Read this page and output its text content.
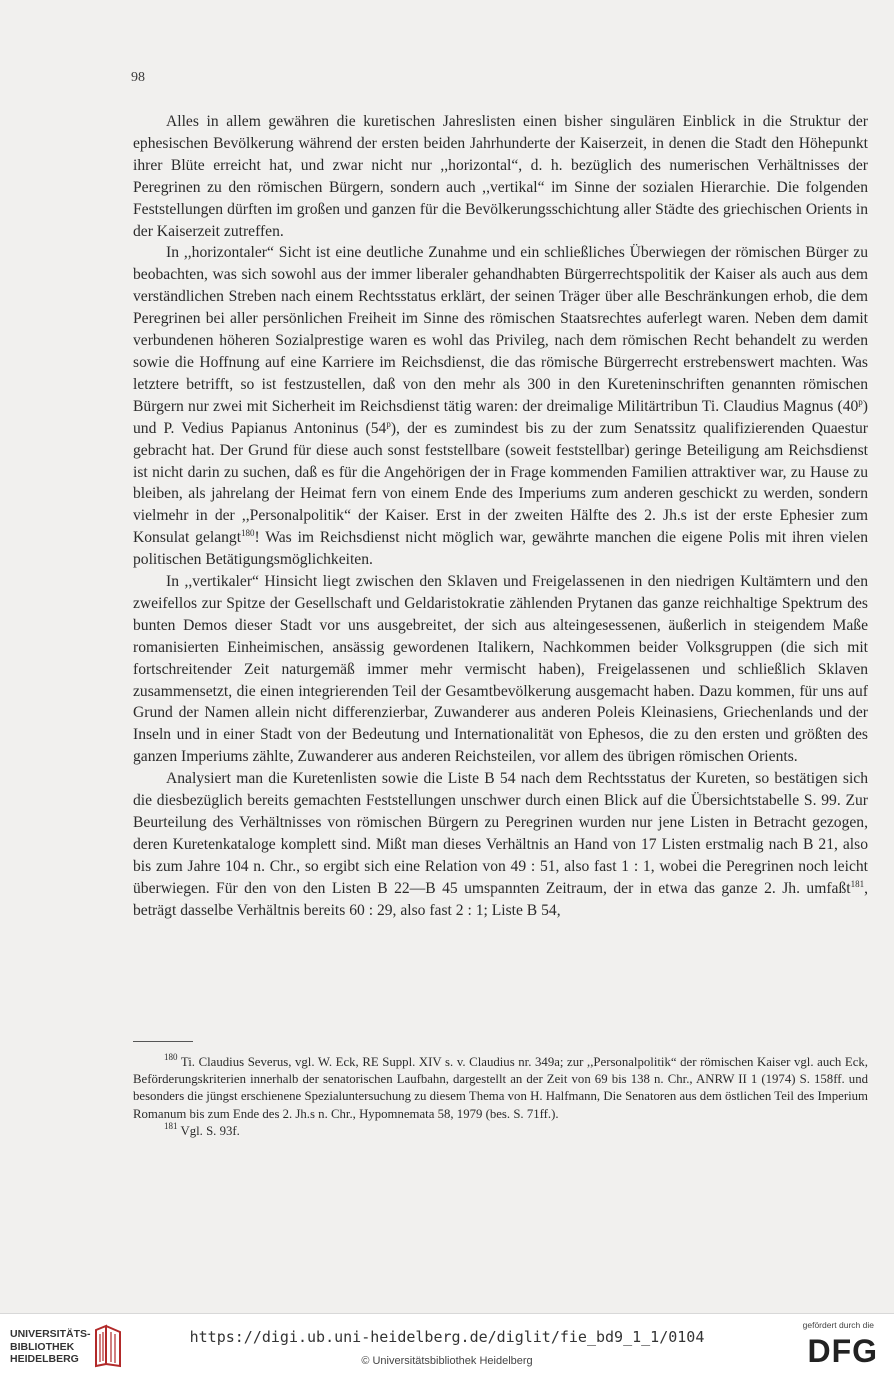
98

Alles in allem gewähren die kuretischen Jahreslisten einen bisher singulären Einblick in die Struktur der ephesischen Bevölkerung während der ersten beiden Jahrhunderte der Kaiserzeit, in denen die Stadt den Höhepunkt ihrer Blüte erreicht hat, und zwar nicht nur ,,horizontal“, d. h. bezüglich des numerischen Verhältnisses der Peregrinen zu den römischen Bürgern, sondern auch ,,vertikal“ im Sinne der sozialen Hierarchie. Die folgenden Feststellungen dürften im großen und ganzen für die Bevölkerungsschichtung aller Städte des griechischen Orients in der Kaiserzeit zutreffen.

In ,,horizontaler“ Sicht ist eine deutliche Zunahme und ein schließliches Überwiegen der römischen Bürger zu beobachten, was sich sowohl aus der immer liberaler gehandhabten Bürgerrechtspolitik der Kaiser als auch aus dem verständlichen Streben nach einem Rechtsstatus erklärt, der seinen Träger über alle Beschränkungen erhob, die dem Peregrinen bei aller persönlichen Freiheit im Sinne des römischen Staatsrechtes auferlegt waren. Neben dem damit verbundenen höheren Sozialprestige waren es wohl das Privileg, nach dem römischen Recht behandelt zu werden sowie die Hoffnung auf eine Karriere im Reichsdienst, die das römische Bürgerrecht erstrebenswert machten. Was letztere betrifft, so ist festzustellen, daß von den mehr als 300 in den Kureteninschriften genannten römischen Bürgern nur zwei mit Sicherheit im Reichsdienst tätig waren: der dreimalige Militärtribun Ti. Claudius Magnus (40$^p$) und P. Vedius Papianus Antoninus (54$^p$), der es zumindest bis zu der zum Senatssitz qualifizierenden Quaestur gebracht hat. Der Grund für diese auch sonst feststellbare (soweit feststellbar) geringe Beteiligung am Reichsdienst ist nicht darin zu suchen, daß es für die Angehörigen der in Frage kommenden Familien attraktiver war, zu Hause zu bleiben, als jahrelang der Heimat fern von einem Ende des Imperiums zum anderen geschickt zu werden, sondern vielmehr in der ,,Personalpolitik“ der Kaiser. Erst in der zweiten Hälfte des 2. Jh.s ist der erste Ephesier zum Konsulat gelangt$^{180}$! Was im Reichsdienst nicht möglich war, gewährte manchen die eigene Polis mit ihren vielen politischen Betätigungsmöglichkeiten.

In ,,vertikaler“ Hinsicht liegt zwischen den Sklaven und Freigelassenen in den niedrigen Kultämtern und den zweifellos zur Spitze der Gesellschaft und Geldaristokratie zählenden Prytanen das ganze reichhaltige Spektrum des bunten Demos dieser Stadt vor uns ausgebreitet, der sich aus alteingesessenen, äußerlich in steigendem Maße romanisierten Einheimischen, ansässig gewordenen Italikern, Nachkommen beider Volksgruppen (die sich mit fortschreitender Zeit naturgemäß immer mehr vermischt haben), Freigelassenen und schließlich Sklaven zusammensetzt, die einen integrierenden Teil der Gesamtbevölkerung ausgemacht haben. Dazu kommen, für uns auf Grund der Namen allein nicht differenzierbar, Zuwanderer aus anderen Poleis Kleinasiens, Griechenlands und der Inseln und in einer Stadt von der Bedeutung und Internationalität von Ephesos, die zu den ersten und größten des ganzen Imperiums zählte, Zuwanderer aus anderen Reichsteilen, vor allem des übrigen römischen Orients.

Analysiert man die Kuretenlisten sowie die Liste B 54 nach dem Rechtsstatus der Kureten, so bestätigen sich die diesbezüglich bereits gemachten Feststellungen unschwer durch einen Blick auf die Übersichtstabelle S. 99. Zur Beurteilung des Verhältnisses von römischen Bürgern zu Peregrinen wurden nur jene Listen in Betracht gezogen, deren Kuretenkataloge komplett sind. Mißt man dieses Verhältnis an Hand von 17 Listen erstmalig nach B 21, also bis zum Jahre 104 n. Chr., so ergibt sich eine Relation von 49 : 51, also fast 1 : 1, wobei die Peregrinen noch leicht überwiegen. Für den von den Listen B 22—B 45 umspannten Zeitraum, der in etwa das ganze 2. Jh. umfaßt$^{181}$, beträgt dasselbe Verhältnis bereits 60 : 29, also fast 2 : 1; Liste B 54,

$^{180}$ Ti. Claudius Severus, vgl. W. Eck, RE Suppl. XIV s. v. Claudius nr. 349a; zur ,,Personalpolitik“ der römischen Kaiser vgl. auch Eck, Beförderungskriterien innerhalb der senatorischen Laufbahn, dargestellt an der Zeit von 69 bis 138 n. Chr., ANRW II 1 (1974) S. 158ff. und besonders die jüngst erschienene Spezialuntersuchung zu diesem Thema von H. Halfmann, Die Senatoren aus dem östlichen Teil des Imperium Romanum bis zum Ende des 2. Jh.s n. Chr., Hypomnemata 58, 1979 (bes. S. 71ff.).

$^{181}$ Vgl. S. 93f.

UNIVERSITÄTS-
BIBLIOTHEK
HEIDELBERG
https://digi.ub.uni-heidelberg.de/diglit/fie_bd9_1_1/0104
© Universitätsbibliothek Heidelberg
gefördert durch die
DFG
